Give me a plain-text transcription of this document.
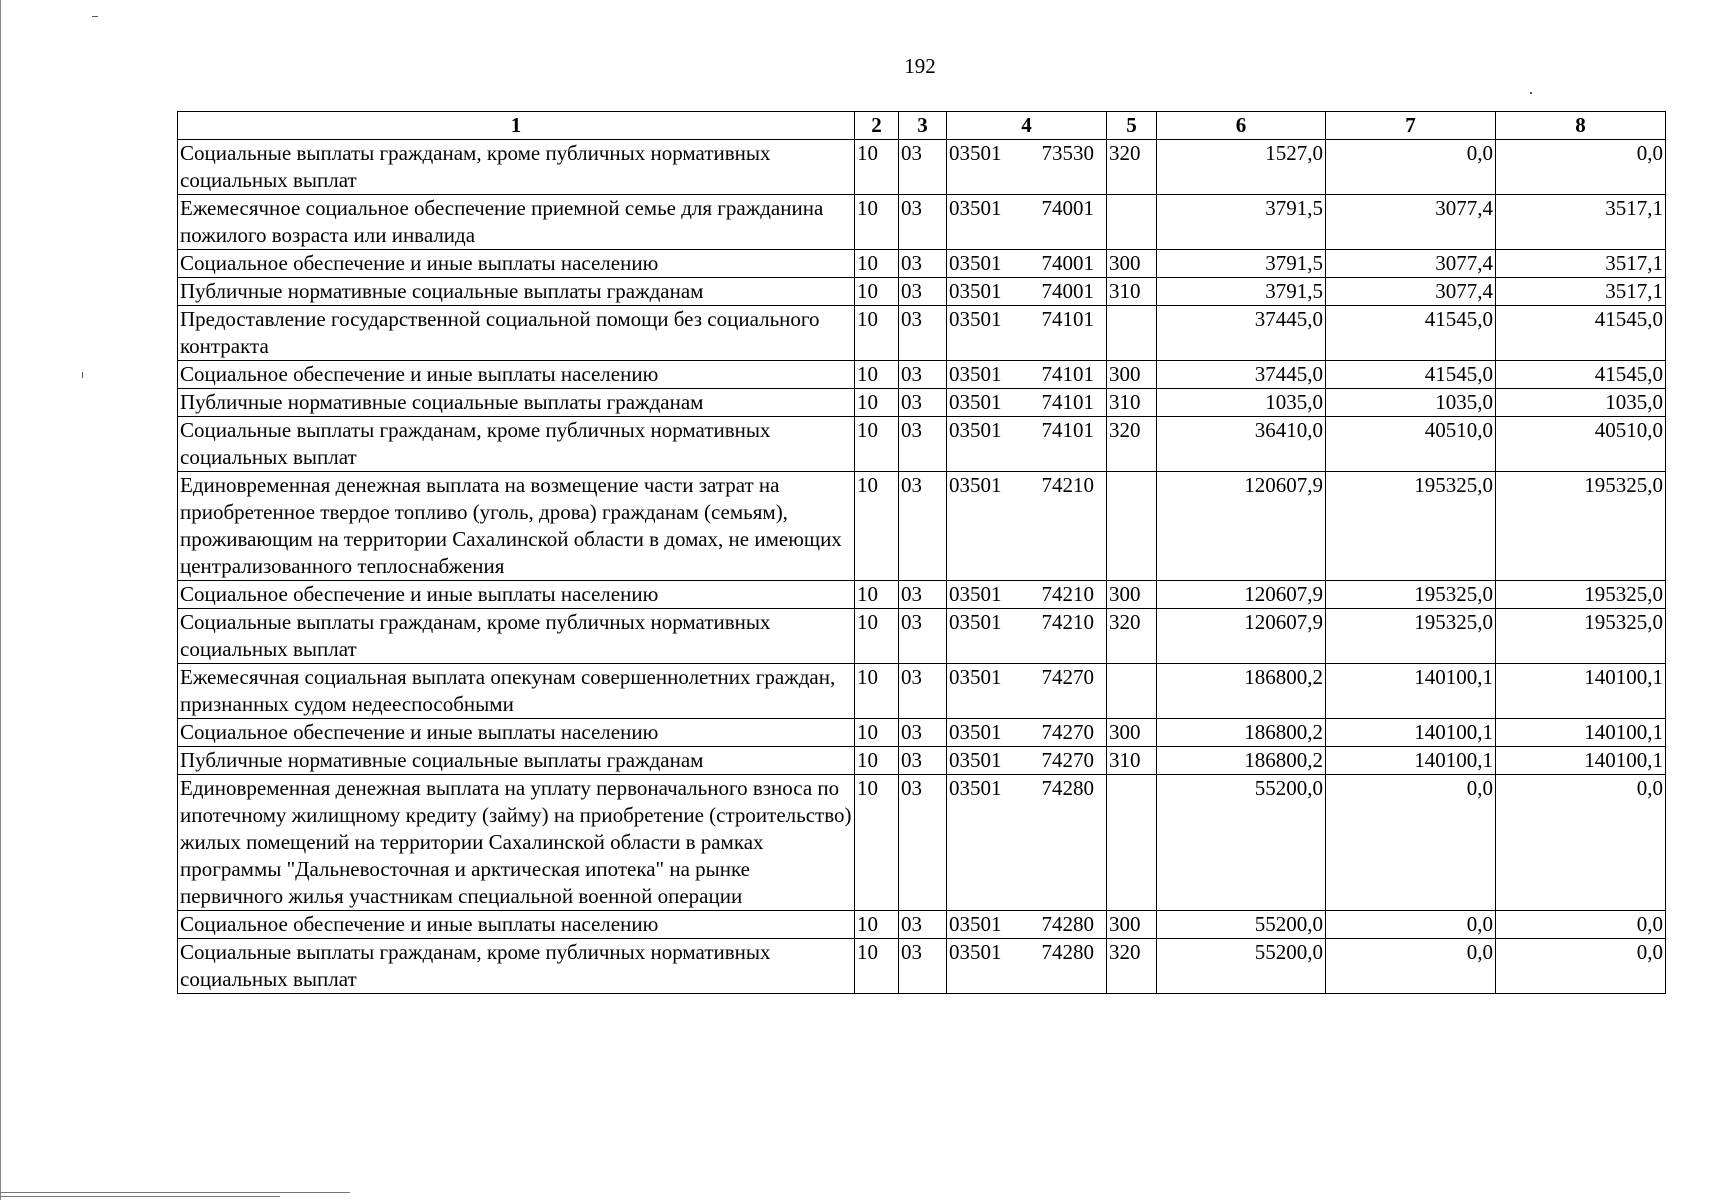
192
1	2	3	4	5	6	7	8
Социальные выплаты гражданам, кроме публичных нормативных социальных выплат	10	03	03501 73530	320	1527,0	0,0	0,0
Ежемесячное социальное обеспечение приемной семье для гражданина пожилого возраста или инвалида	10	03	03501 74001		3791,5	3077,4	3517,1
Социальное обеспечение и иные выплаты населению	10	03	03501 74001	300	3791,5	3077,4	3517,1
Публичные нормативные социальные выплаты гражданам	10	03	03501 74001	310	3791,5	3077,4	3517,1
Предоставление государственной социальной помощи без социального контракта	10	03	03501 74101		37445,0	41545,0	41545,0
Социальное обеспечение и иные выплаты населению	10	03	03501 74101	300	37445,0	41545,0	41545,0
Публичные нормативные социальные выплаты гражданам	10	03	03501 74101	310	1035,0	1035,0	1035,0
Социальные выплаты гражданам, кроме публичных нормативных социальных выплат	10	03	03501 74101	320	36410,0	40510,0	40510,0
Единовременная денежная выплата на возмещение части затрат на приобретенное твердое топливо (уголь, дрова) гражданам (семьям), проживающим на территории Сахалинской области в домах, не имеющих централизованного теплоснабжения	10	03	03501 74210		120607,9	195325,0	195325,0
Социальное обеспечение и иные выплаты населению	10	03	03501 74210	300	120607,9	195325,0	195325,0
Социальные выплаты гражданам, кроме публичных нормативных социальных выплат	10	03	03501 74210	320	120607,9	195325,0	195325,0
Ежемесячная социальная выплата опекунам совершеннолетних граждан, признанных судом недееспособными	10	03	03501 74270		186800,2	140100,1	140100,1
Социальное обеспечение и иные выплаты населению	10	03	03501 74270	300	186800,2	140100,1	140100,1
Публичные нормативные социальные выплаты гражданам	10	03	03501 74270	310	186800,2	140100,1	140100,1
Единовременная денежная выплата на уплату первоначального взноса по ипотечному жилищному кредиту (займу) на приобретение (строительство) жилых помещений на территории Сахалинской области в рамках программы "Дальневосточная и арктическая ипотека" на рынке первичного жилья участникам специальной военной операции	10	03	03501 74280		55200,0	0,0	0,0
Социальное обеспечение и иные выплаты населению	10	03	03501 74280	300	55200,0	0,0	0,0
Социальные выплаты гражданам, кроме публичных нормативных социальных выплат	10	03	03501 74280	320	55200,0	0,0	0,0
